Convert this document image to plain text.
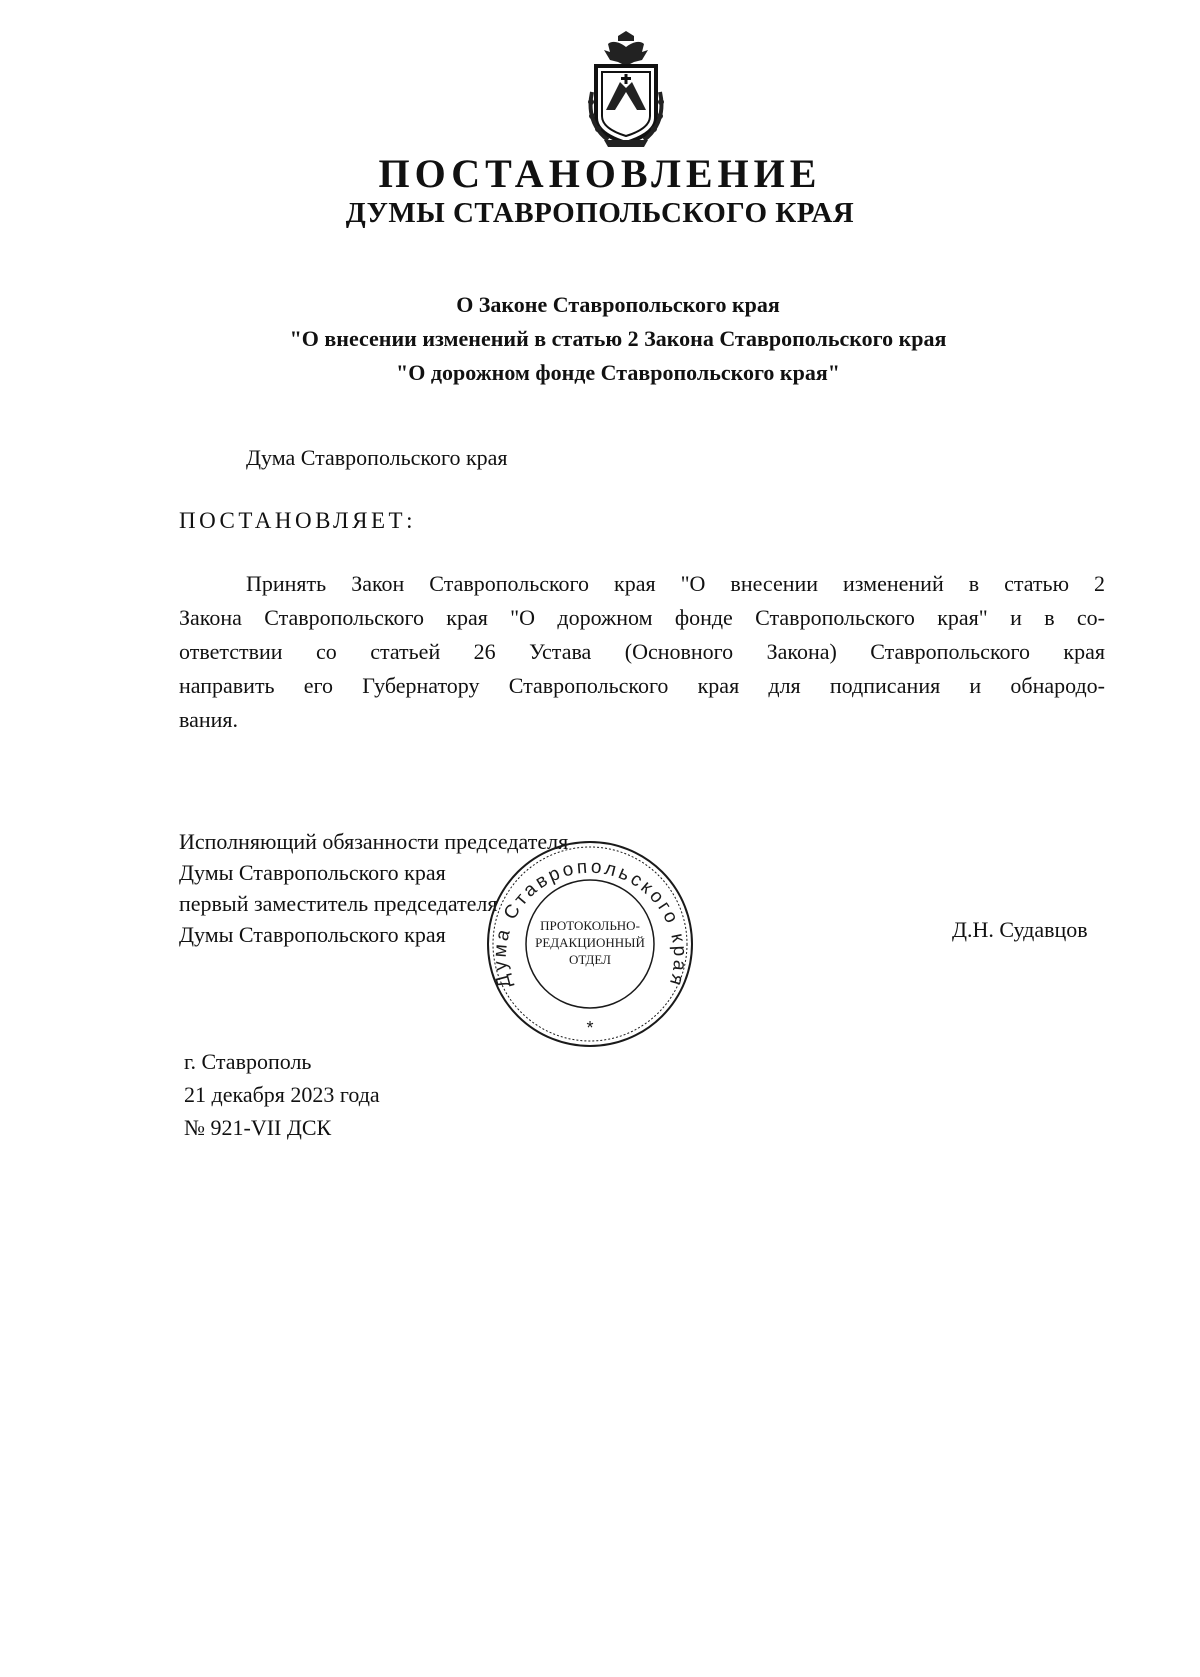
ПОСТАНОВЛЕНИЕ
ДУМЫ СТАВРОПОЛЬСКОГО КРАЯ
О Законе Ставропольского края
"О внесении изменений в статью 2 Закона Ставропольского края
"О дорожном фонде Ставропольского края"
Дума Ставропольского края
ПОСТАНОВЛЯЕТ:
Принять Закон Ставропольского края "О внесении изменений в статью 2
Закона Ставропольского края "О дорожном фонде Ставропольского края" и в со-
ответствии со статьей 26 Устава (Основного Закона) Ставропольского края
направить его Губернатору Ставропольского края для подписания и обнародо-
вания.
Исполняющий обязанности председателя
Думы Ставропольского края
первый заместитель председателя
Думы Ставропольского края	Д.Н. Судавцов
Дума Ставропольского края
ПРОТОКОЛЬНО-
РЕДАКЦИОННЫЙ
ОТДЕЛ
*
г. Ставрополь
21 декабря 2023 года
№ 921-VII ДСК
